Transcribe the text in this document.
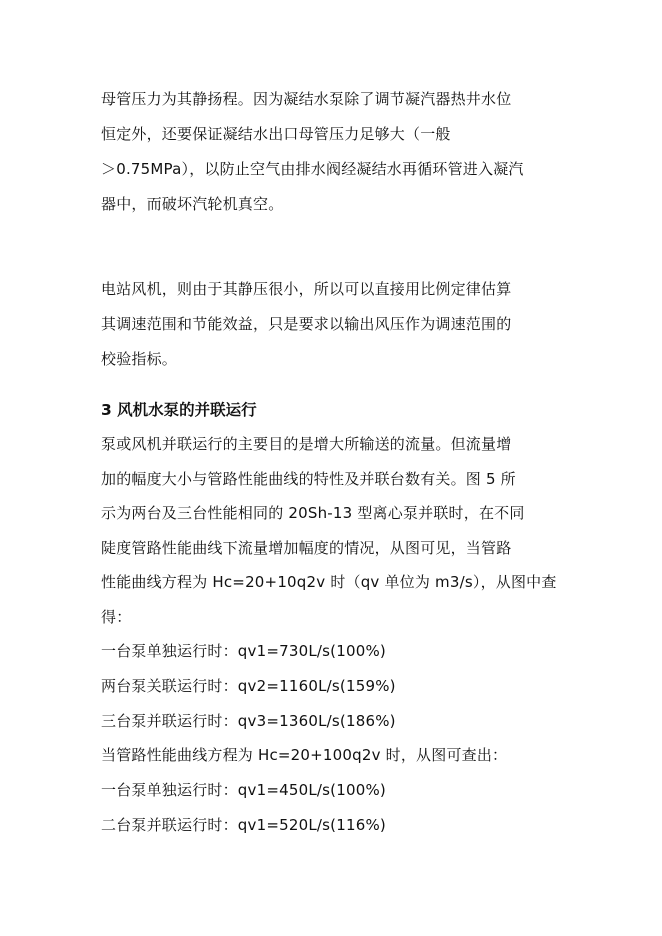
母管压力为其静扬程。因为凝结水泵除了调节凝汽器热井水位
恒定外，还要保证凝结水出口母管压力足够大（一般
＞0.75MPa），以防止空气由排水阀经凝结水再循环管进入凝汽
器中，而破坏汽轮机真空。
电站风机，则由于其静压很小，所以可以直接用比例定律估算
其调速范围和节能效益，只是要求以输出风压作为调速范围的
校验指标。
3 风机水泵的并联运行
泵或风机并联运行的主要目的是增大所输送的流量。但流量增
加的幅度大小与管路性能曲线的特性及并联台数有关。图 5 所
示为两台及三台性能相同的 20Sh-13 型离心泵并联时，在不同
陡度管路性能曲线下流量增加幅度的情况，从图可见，当管路
性能曲线方程为 Hc=20+10q2v 时（qv 单位为 m3/s），从图中查
得：
一台泵单独运行时：qv1=730L/s(100%)
两台泵关联运行时：qv2=1160L/s(159%)
三台泵并联运行时：qv3=1360L/s(186%)
当管路性能曲线方程为 Hc=20+100q2v 时，从图可查出：
一台泵单独运行时：qv1=450L/s(100%)
二台泵并联运行时：qv1=520L/s(116%)
